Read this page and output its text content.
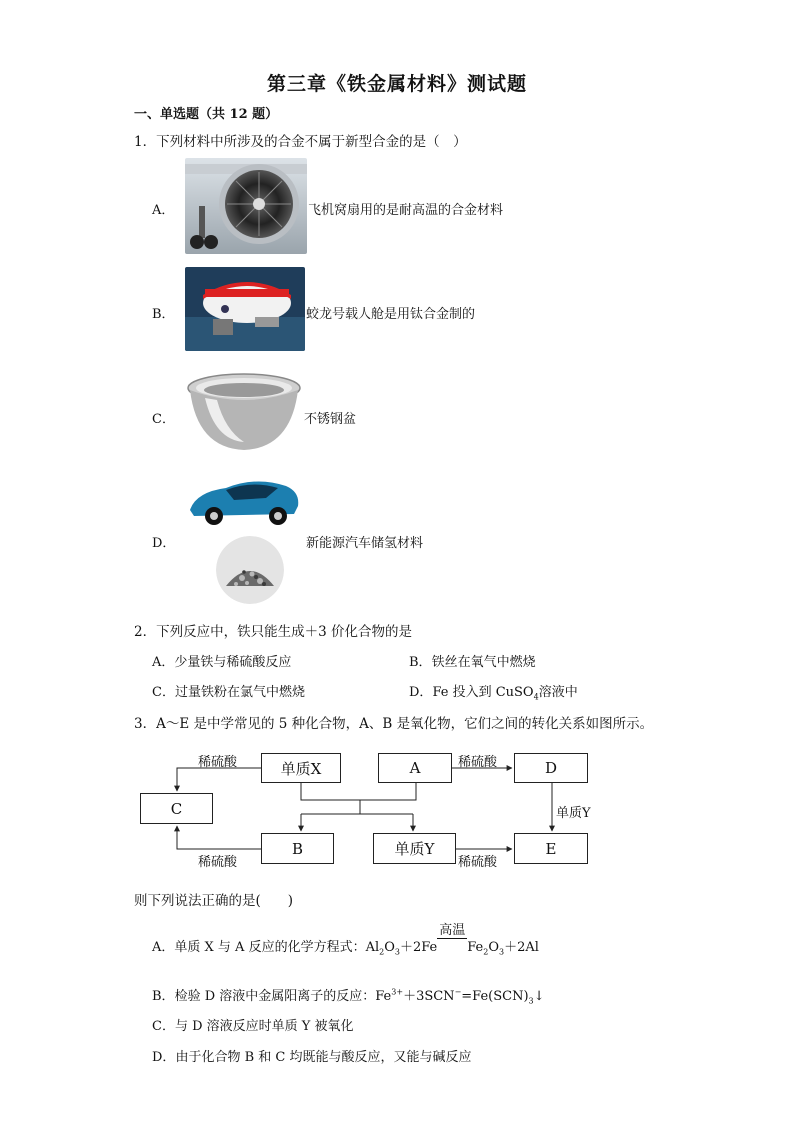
第三章《铁金属材料》测试题
一、单选题（共 12 题）
1．下列材料中所涉及的合金不属于新型合金的是（　）
A．	飞机窝扇用的是耐高温的合金材料
B．	蛟龙号载人舱是用钛合金制的
C．	不锈钢盆
D．	新能源汽车储氢材料
2．下列反应中，铁只能生成＋3 价化合物的是
A．少量铁与稀硫酸反应	B．铁丝在氧气中燃烧
C．过量铁粉在氯气中燃烧	D．Fe 投入到 CuSO$_4$溶液中
3．A～E 是中学常见的 5 种化合物，A、B 是氧化物，它们之间的转化关系如图所示。
单质X	A	D
C
B	单质Y	E
稀硫酸	稀硫酸
稀硫酸	稀硫酸
单质Y
则下列说法正确的是(　　)
A．单质 X 与 A 反应的化学方程式：$Al_2O_3+2Fe$
高温
$Fe_2O_3+2Al$
B．检验 D 溶液中金属阳离子的反应：$Fe^{3+}+3SCN^-=Fe(SCN)_3↓$
C．与 D 溶液反应时单质 Y 被氧化
D．由于化合物 B 和 C 均既能与酸反应，又能与碱反应
